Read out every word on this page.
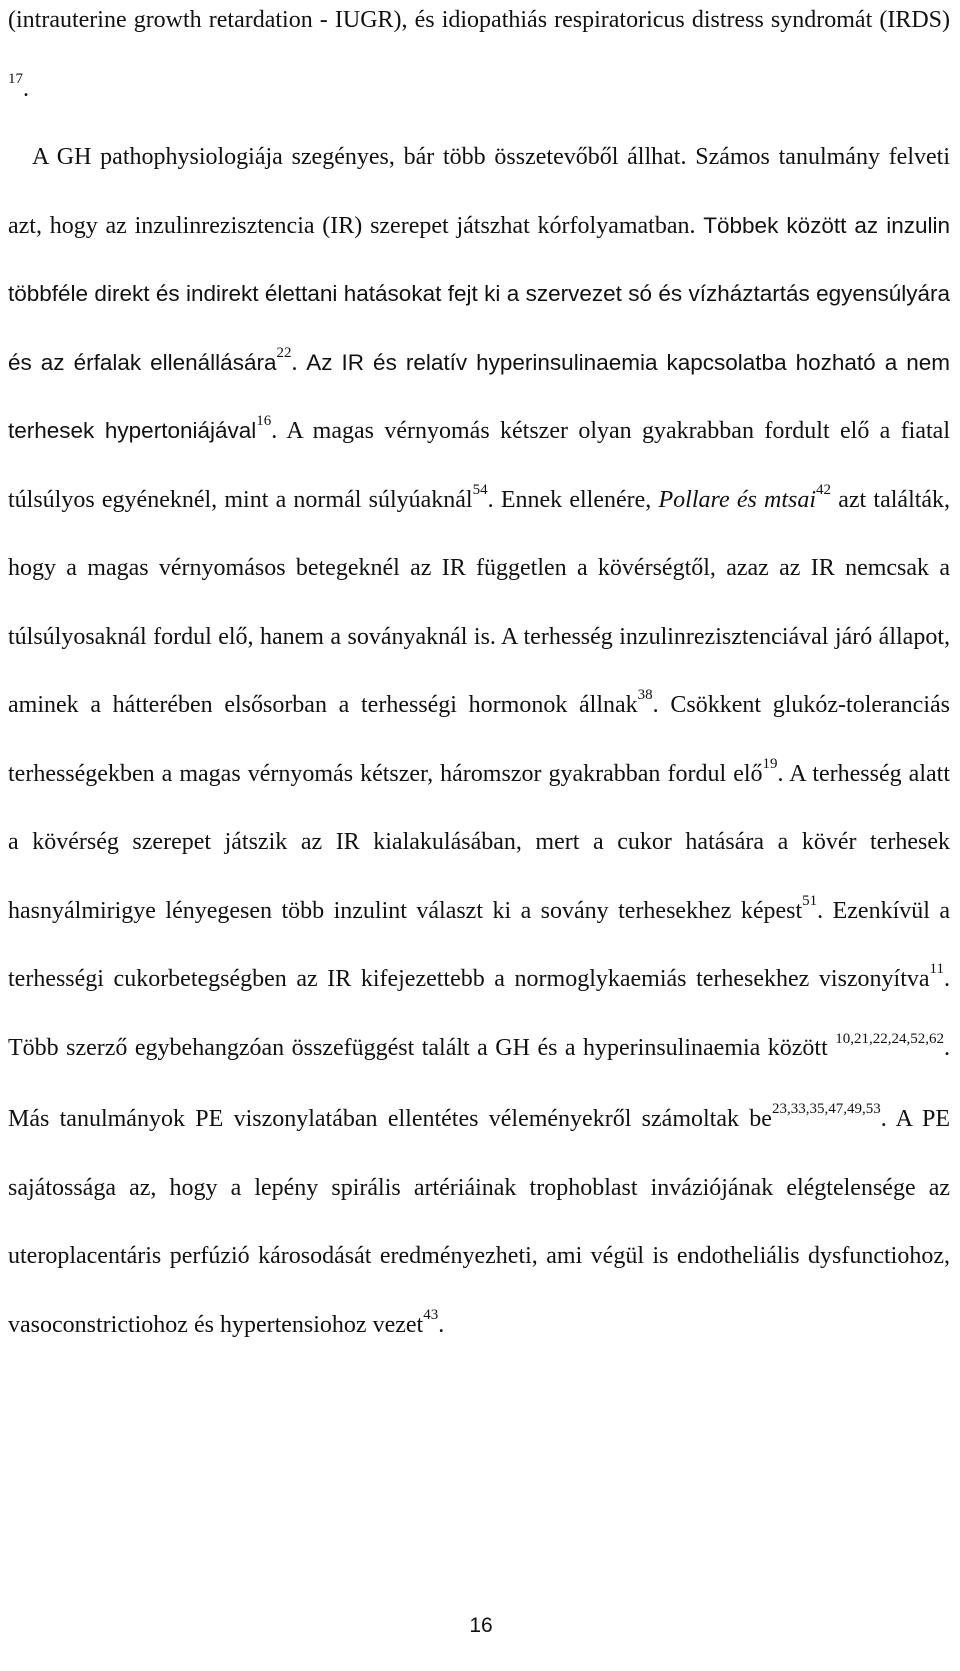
(intrauterine growth retardation - IUGR), és idiopathiás respiratoricus distress syndromát (IRDS) $^{17}$.

A GH pathophysiologiája szegényes, bár több összetevőből állhat. Számos tanulmány felveti azt, hogy az inzulinrezisztencia (IR) szerepet játszhat kórfolyamatban. Többek között az inzulin többféle direkt és indirekt élettani hatásokat fejt ki a szervezet só és vízháztartás egyensúlyára és az érfalak ellenállására$^{22}$. Az IR és relatív hyperinsulinaemia kapcsolatba hozható a nem terhesek hypertoniájával$^{16}$. A magas vérnyomás kétszer olyan gyakrabban fordult elő a fiatal túlsúlyos egyéneknél, mint a normál súlyúaknál$^{54}$. Ennek ellenére, Pollare és mtsai$^{42}$ azt találták, hogy a magas vérnyomásos betegeknél az IR független a kövérségtől, azaz az IR nemcsak a túlsúlyosaknál fordul elő, hanem a soványaknál is. A terhesség inzulinrezisztenciával járó állapot, aminek a hátterében elsősorban a terhességi hormonok állnak$^{38}$. Csökkent glukóz-toleranciás terhességekben a magas vérnyomás kétszer, háromszor gyakrabban fordul elő$^{19}$. A terhesség alatt a kövérség szerepet játszik az IR kialakulásában, mert a cukor hatására a kövér terhesek hasnyálmirigye lényegesen több inzulint választ ki a sovány terhesekhez képest$^{51}$. Ezenkívül a terhességi cukorbetegségben az IR kifejezettebb a normoglykaemiás terhesekhez viszonyítva$^{11}$. Több szerző egybehangzóan összefüggést talált a GH és a hyperinsulinaemia között $^{10,21,22,24,52,62}$. Más tanulmányok PE viszonylatában ellentétes véleményekről számoltak be$^{23,33,35,47,49,53}$. A PE sajátossága az, hogy a lepény spirális artériáinak trophoblast inváziójának elégtelensége az uteroplacentáris perfúzió károsodását eredményezheti, ami végül is endotheliális dysfunctiohoz, vasoconstrictiohoz és hypertensiohoz vezet$^{43}$.

16
